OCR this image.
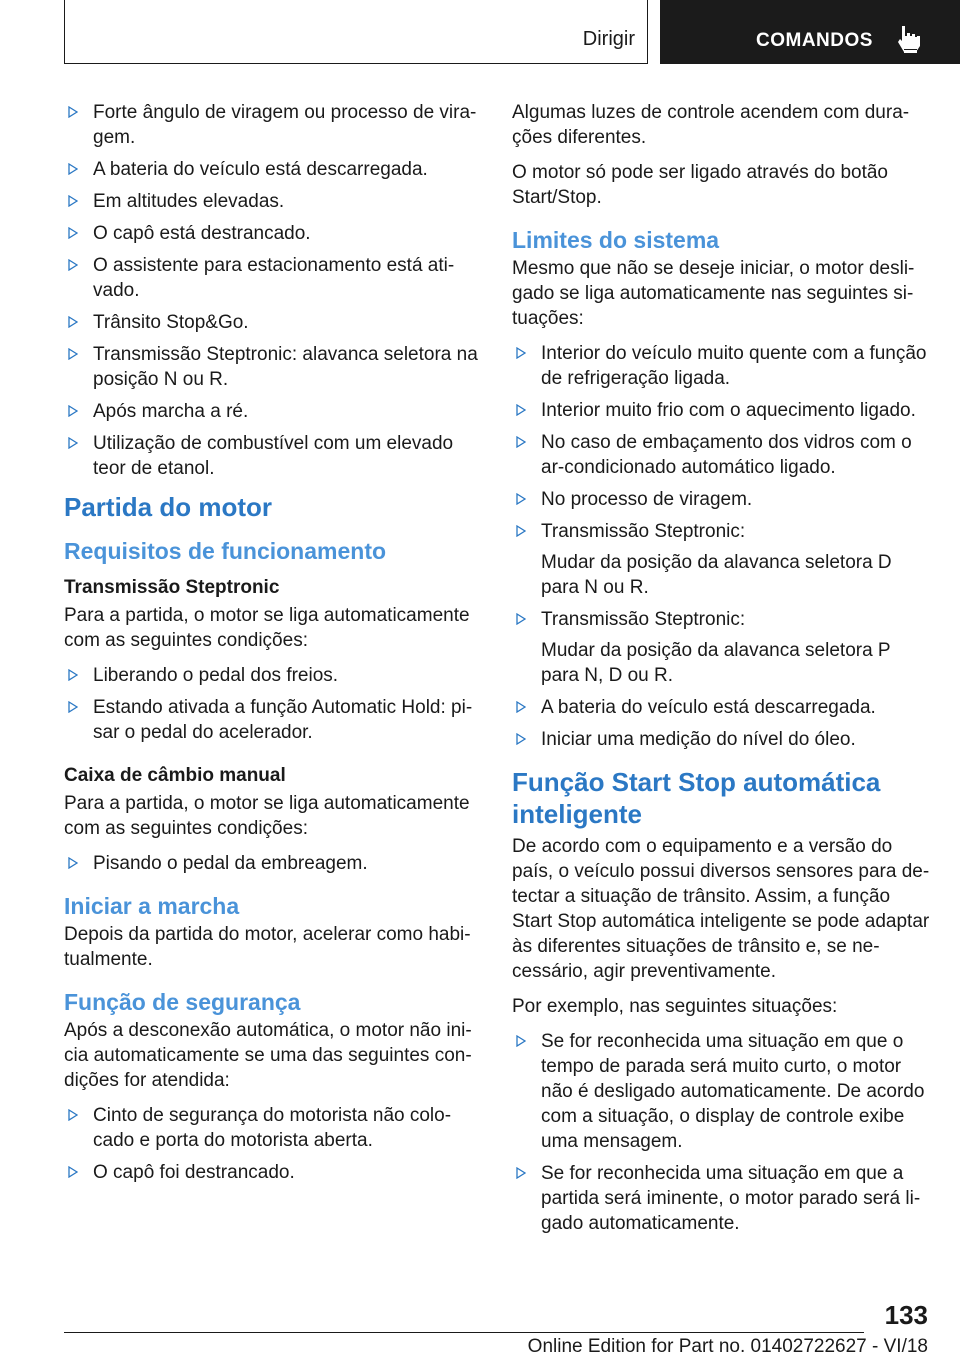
Dirigir	COMANDOS
Forte ângulo de viragem ou processo de viragem.
A bateria do veículo está descarregada.
Em altitudes elevadas.
O capô está destrancado.
O assistente para estacionamento está ativado.
Trânsito Stop&Go.
Transmissão Steptronic: alavanca seletora na posição N ou R.
Após marcha a ré.
Utilização de combustível com um elevado teor de etanol.
Partida do motor
Requisitos de funcionamento
Transmissão Steptronic

Para a partida, o motor se liga automaticamente com as seguintes condições:

Liberando o pedal dos freios.
Estando ativada a função Automatic Hold: pisar o pedal do acelerador.
Caixa de câmbio manual

Para a partida, o motor se liga automaticamente com as seguintes condições:

Pisando o pedal da embreagem.
Iniciar a marcha

Depois da partida do motor, acelerar como habitualmente.

Função de segurança

Após a desconexão automática, o motor não inicia automaticamente se uma das seguintes condições for atendida:

Cinto de segurança do motorista não colocado e porta do motorista aberta.
O capô foi destrancado.

Algumas luzes de controle acendem com durações diferentes.

O motor só pode ser ligado através do botão Start/Stop.

Limites do sistema

Mesmo que não se deseje iniciar, o motor desligado se liga automaticamente nas seguintes situações:

Interior do veículo muito quente com a função de refrigeração ligada.
Interior muito frio com o aquecimento ligado.
No caso de embaçamento dos vidros com o ar-condicionado automático ligado.
No processo de viragem.
Transmissão Steptronic:
Mudar da posição da alavanca seletora D para N ou R.
Transmissão Steptronic:
Mudar da posição da alavanca seletora P para N, D ou R.
A bateria do veículo está descarregada.
Iniciar uma medição do nível do óleo.
Função Start Stop automática inteligente

De acordo com o equipamento e a versão do país, o veículo possui diversos sensores para detectar a situação de trânsito. Assim, a função Start Stop automática inteligente se pode adaptar às diferentes situações de trânsito e, se necessário, agir preventivamente.

Por exemplo, nas seguintes situações:

Se for reconhecida uma situação em que o tempo de parada será muito curto, o motor não é desligado automaticamente. De acordo com a situação, o display de controle exibe uma mensagem.
Se for reconhecida uma situação em que a partida será iminente, o motor parado será ligado automaticamente.
133
Online Edition for Part no. 01402722627 - VI/18
